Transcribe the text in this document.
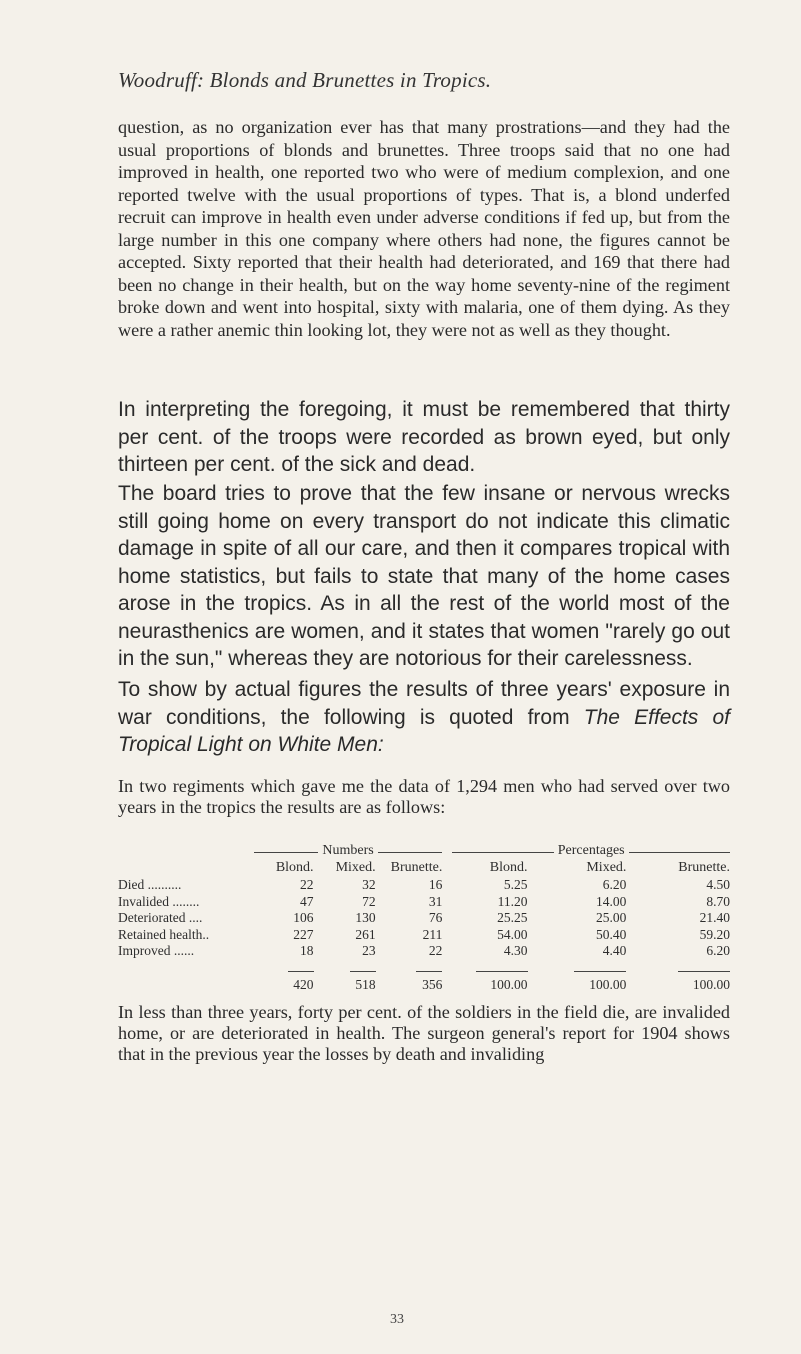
Woodruff: Blonds and Brunettes in Tropics.

question, as no organization ever has that many prostrations—and they had the usual proportions of blonds and brunettes. Three troops said that no one had improved in health, one reported two who were of medium complexion, and one reported twelve with the usual proportions of types. That is, a blond underfed recruit can improve in health even under adverse conditions if fed up, but from the large number in this one company where others had none, the figures cannot be accepted. Sixty reported that their health had deteriorated, and 169 that there had been no change in their health, but on the way home seventy-nine of the regiment broke down and went into hospital, sixty with malaria, one of them dying. As they were a rather anemic thin looking lot, they were not as well as they thought.

In interpreting the foregoing, it must be remembered that thirty per cent. of the troops were recorded as brown eyed, but only thirteen per cent. of the sick and dead.

The board tries to prove that the few insane or nervous wrecks still going home on every transport do not indicate this climatic damage in spite of all our care, and then it compares tropical with home statistics, but fails to state that many of the home cases arose in the tropics. As in all the rest of the world most of the neurasthenics are women, and it states that women "rarely go out in the sun," whereas they are notorious for their carelessness.

To show by actual figures the results of three years' exposure in war conditions, the following is quoted from The Effects of Tropical Light on White Men:

In two regiments which gave me the data of 1,294 men who had served over two years in the tropics the results are as follows:

	Numbers			Percentages		

	Blond.	Mixed.	Brunette.	Blond.	Mixed.	Brunette.
Died ..........	22	32	16	5.25	6.20	4.50
Invalided ........	47	72	31	11.20	14.00	8.70
Deteriorated ....	106	130	76	25.25	25.00	21.40
Retained health..	227	261	211	54.00	50.40	59.20
Improved ......	18	23	22	4.30	4.40	6.20

	420	518	356	100.00	100.00	100.00

In less than three years, forty per cent. of the soldiers in the field die, are invalided home, or are deteriorated in health. The surgeon general's report for 1904 shows that in the previous year the losses by death and invaliding

33
